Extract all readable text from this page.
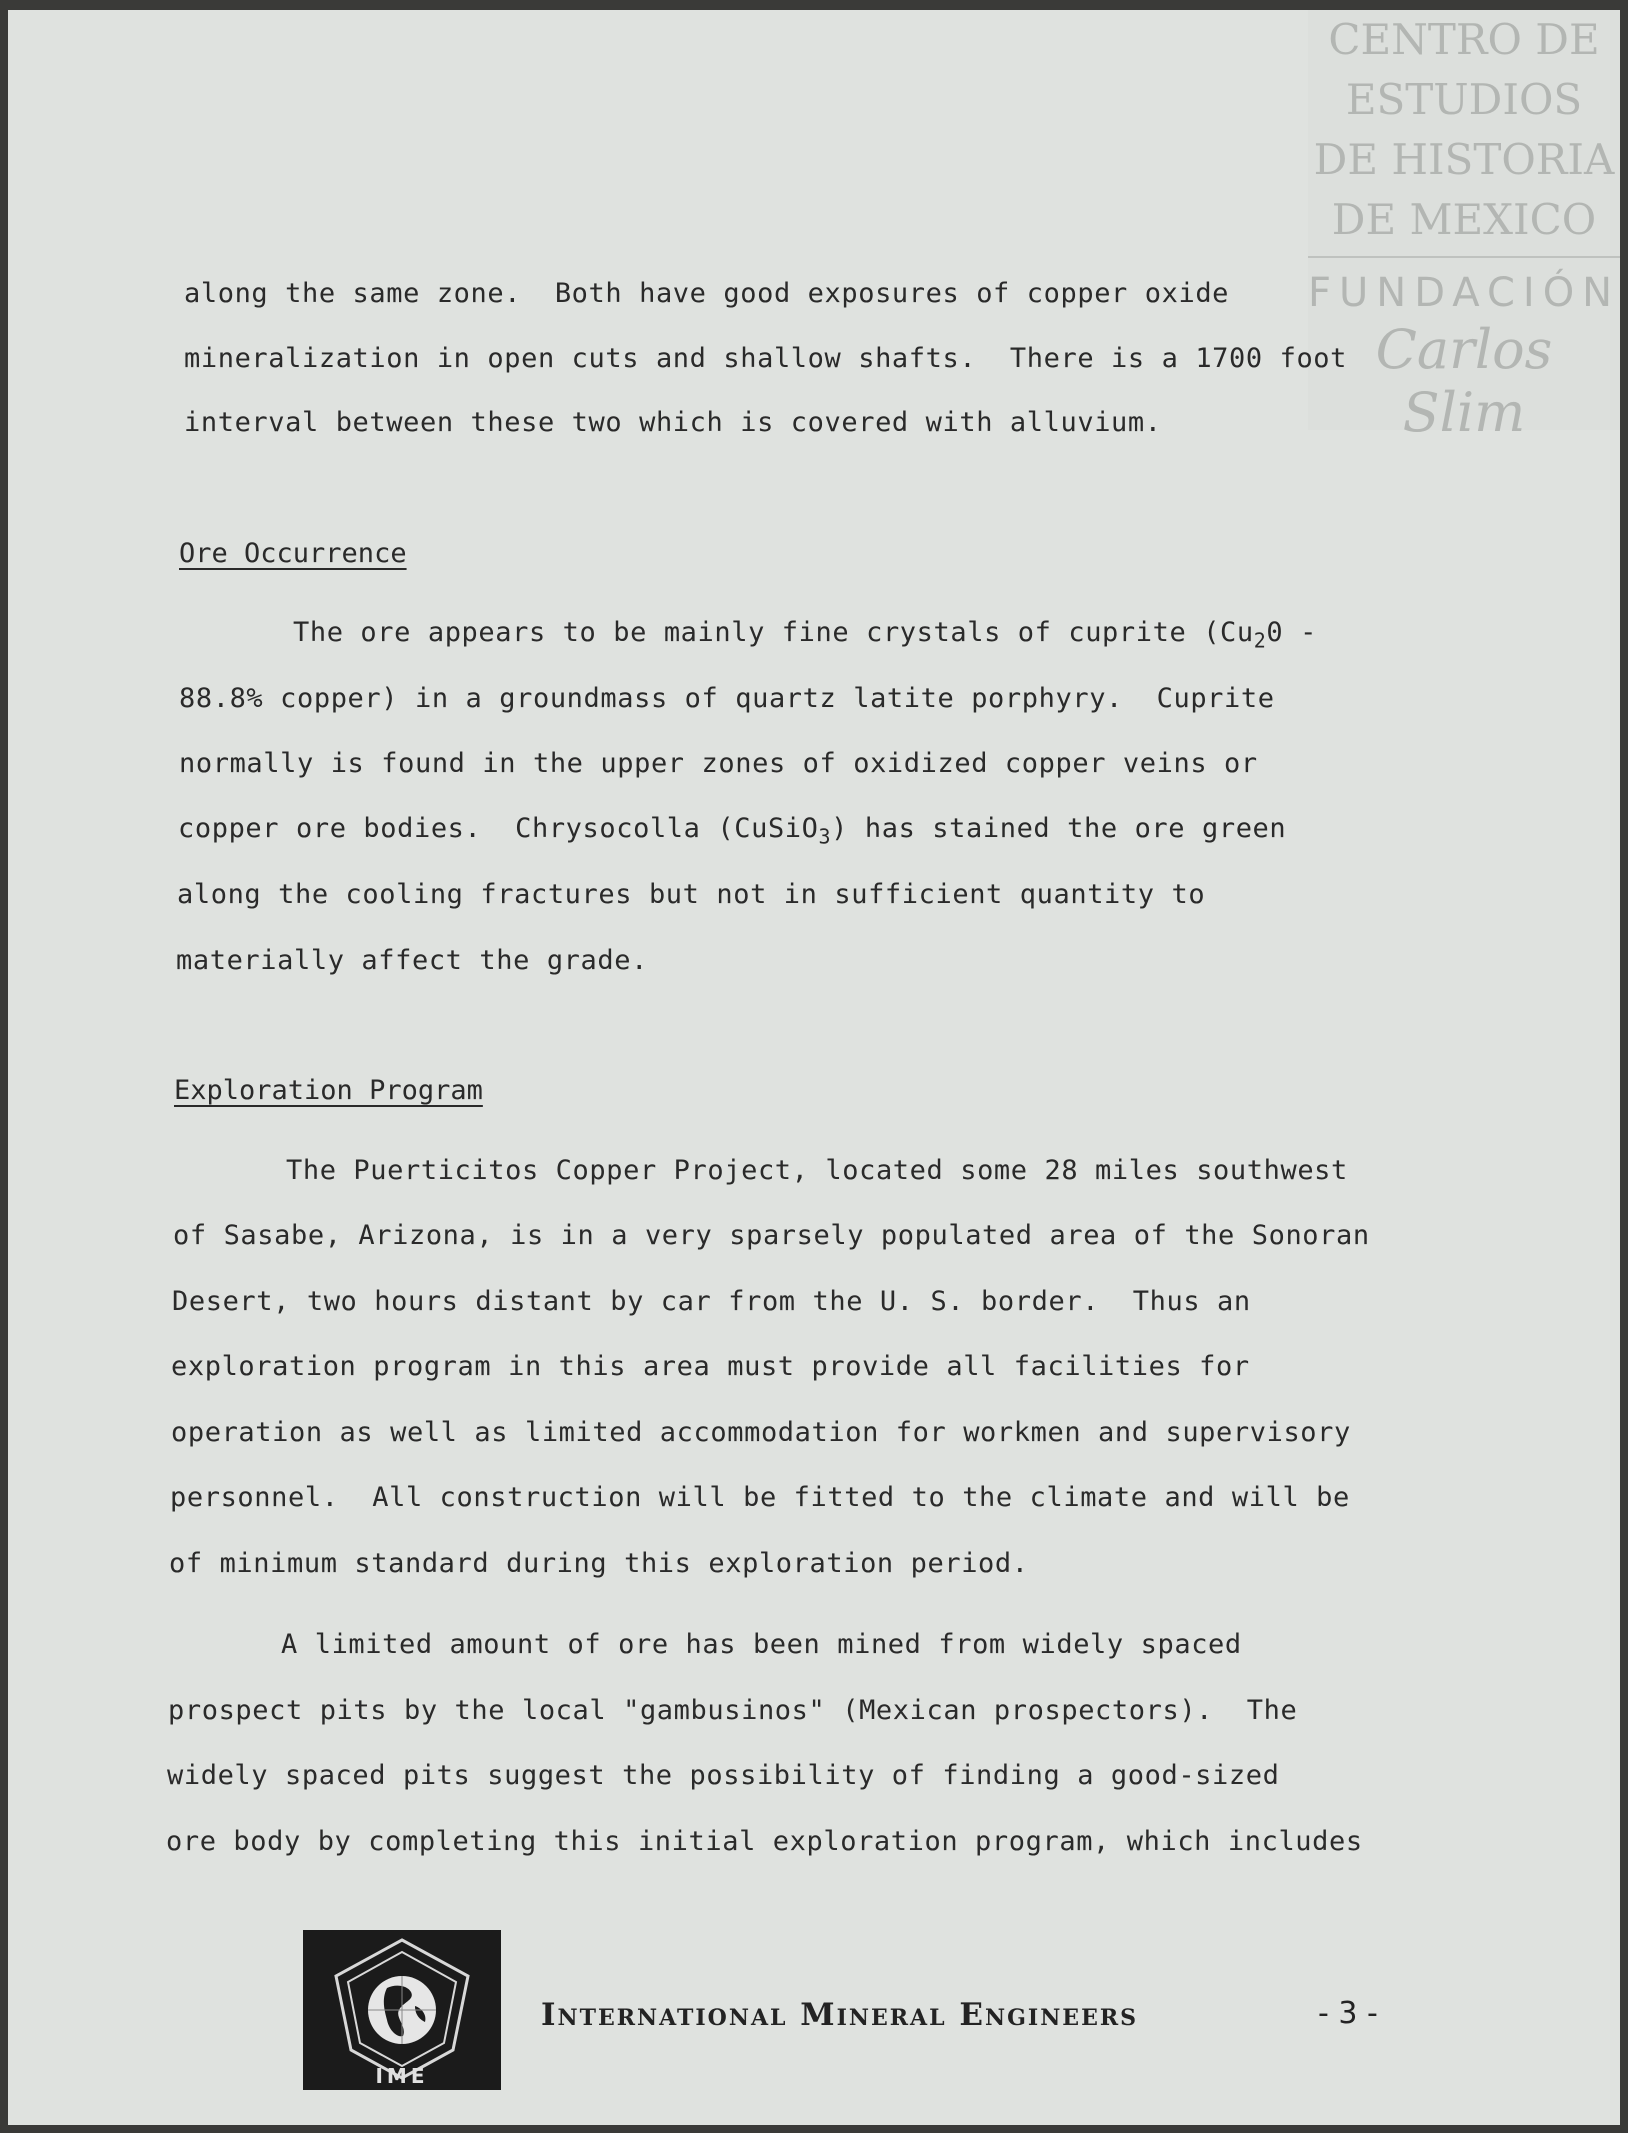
CENTRO DE
ESTUDIOS
DE HISTORIA
DE MEXICO
FUNDACIÓN
Carlos Slim
along the same zone.  Both have good exposures of copper oxide
mineralization in open cuts and shallow shafts.  There is a 1700 foot
interval between these two which is covered with alluvium.
Ore Occurrence
The ore appears to be mainly fine crystals of cuprite ($Cu_20$ -
88.8% copper) in a groundmass of quartz latite porphyry.  Cuprite
normally is found in the upper zones of oxidized copper veins or
copper ore bodies.  Chrysocolla (CuSiO$_3$) has stained the ore green
along the cooling fractures but not in sufficient quantity to
materially affect the grade.
Exploration Program
The Puerticitos Copper Project, located some 28 miles southwest
of Sasabe, Arizona, is in a very sparsely populated area of the Sonoran
Desert, two hours distant by car from the U. S. border.  Thus an
exploration program in this area must provide all facilities for
operation as well as limited accommodation for workmen and supervisory
personnel.  All construction will be fitted to the climate and will be
of minimum standard during this exploration period.
A limited amount of ore has been mined from widely spaced
prospect pits by the local "gambusinos" (Mexican prospectors).  The
widely spaced pits suggest the possibility of finding a good-sized
ore body by completing this initial exploration program, which includes
IME
International Mineral Engineers	- 3 -
